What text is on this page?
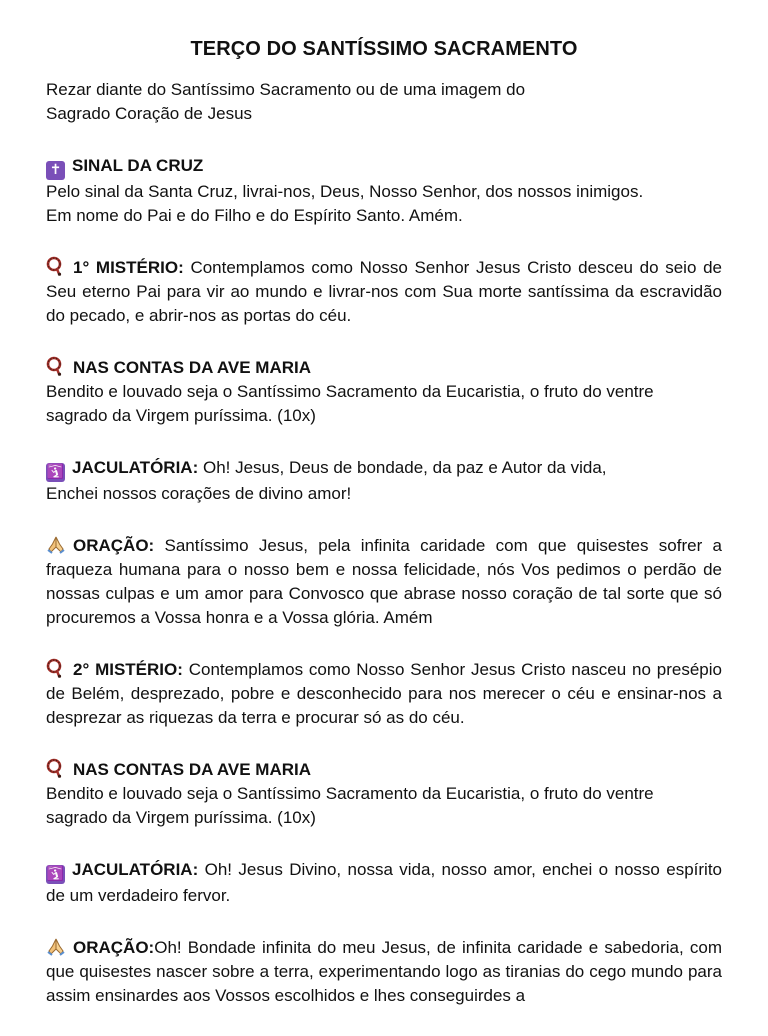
TERÇO DO SANTÍSSIMO SACRAMENTO

Rezar diante do Santíssimo Sacramento ou de uma imagem do
Sagrado Coração de Jesus

✝ SINAL DA CRUZ
Pelo sinal da Santa Cruz, livrai-nos, Deus, Nosso Senhor, dos nossos inimigos.
Em nome do Pai e do Filho e do Espírito Santo. Amém.

1° MISTÉRIO: Contemplamos como Nosso Senhor Jesus Cristo desceu do seio de Seu eterno Pai para vir ao mundo e livrar-nos com Sua morte santíssima da escravidão do pecado, e abrir-nos as portas do céu.

NAS CONTAS DA AVE MARIA
Bendito e louvado seja o Santíssimo Sacramento da Eucaristia, o fruto do ventre
sagrado da Virgem puríssima. (10x)

🛐 JACULATÓRIA: Oh! Jesus, Deus de bondade, da paz e Autor da vida,
Enchei nossos corações de divino amor!

ORAÇÃO: Santíssimo Jesus, pela infinita caridade com que quisestes sofrer a fraqueza humana para o nosso bem e nossa felicidade, nós Vos pedimos o perdão de nossas culpas e um amor para Convosco que abrase nosso coração de tal sorte que só procuremos a Vossa honra e a Vossa glória. Amém

2° MISTÉRIO: Contemplamos como Nosso Senhor Jesus Cristo nasceu no presépio de Belém, desprezado, pobre e desconhecido para nos merecer o céu e ensinar-nos a desprezar as riquezas da terra e procurar só as do céu.

NAS CONTAS DA AVE MARIA
Bendito e louvado seja o Santíssimo Sacramento da Eucaristia, o fruto do ventre
sagrado da Virgem puríssima. (10x)

🛐 JACULATÓRIA: Oh! Jesus Divino, nossa vida, nosso amor, enchei o nosso espírito de um verdadeiro fervor.

ORAÇÃO:Oh! Bondade infinita do meu Jesus, de infinita caridade e sabedoria, com que quisestes nascer sobre a terra, experimentando logo as tiranias do cego mundo para assim ensinardes aos Vossos escolhidos e lhes conseguirdes a
